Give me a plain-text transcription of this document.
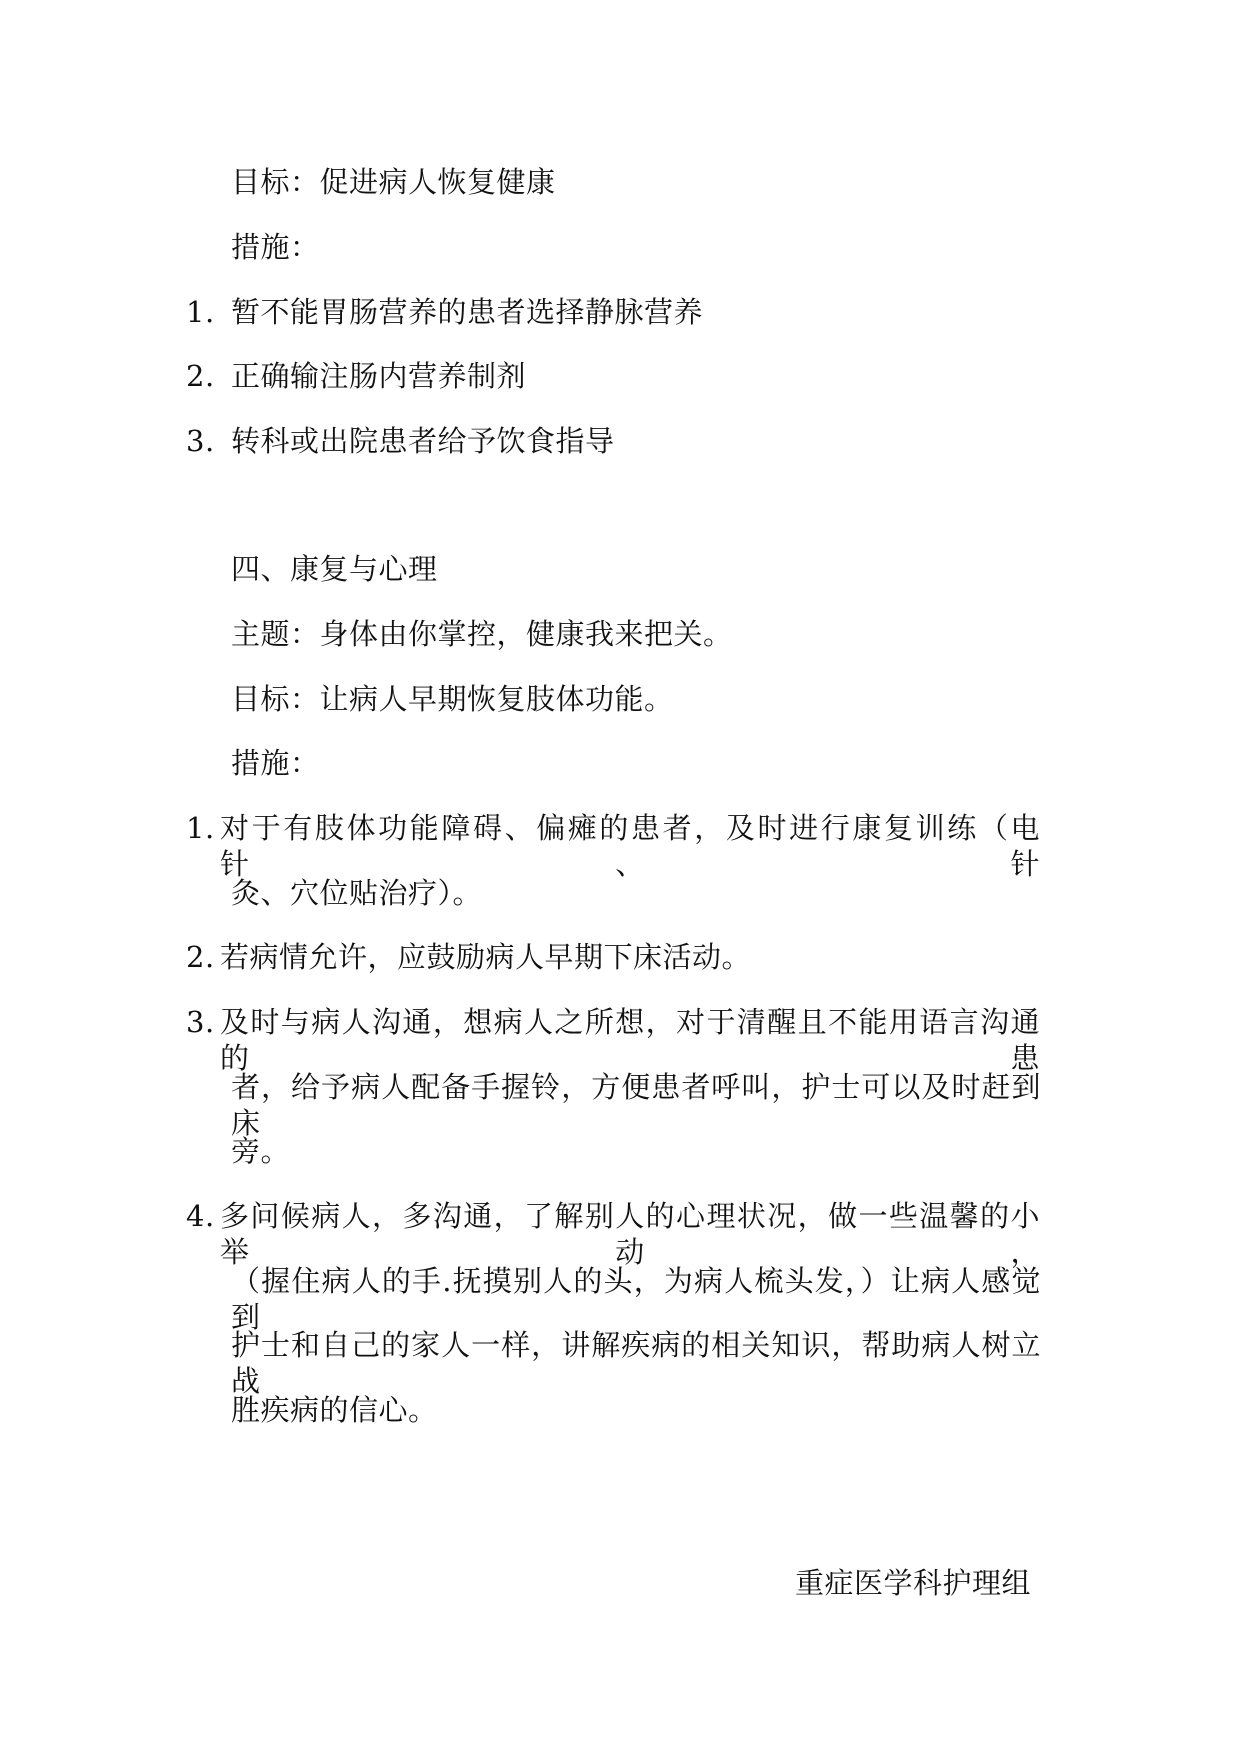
目标：促进病人恢复健康
措施：
1. 暂不能胃肠营养的患者选择静脉营养
2. 正确输注肠内营养制剂
3. 转科或出院患者给予饮食指导
四、康复与心理
主题：身体由你掌控，健康我来把关。
目标：让病人早期恢复肢体功能。
措施：
1. 对于有肢体功能障碍、偏瘫的患者，及时进行康复训练（电针、针
灸、穴位贴治疗）。
2. 若病情允许，应鼓励病人早期下床活动。
3. 及时与病人沟通，想病人之所想，对于清醒且不能用语言沟通的患
者，给予病人配备手握铃，方便患者呼叫，护士可以及时赶到床
旁。
4. 多问候病人，多沟通，了解别人的心理状况，做一些温馨的小举动，
（握住病人的手.抚摸别人的头，为病人梳头发，）让病人感觉到
护士和自己的家人一样，讲解疾病的相关知识，帮助病人树立战
胜疾病的信心。
重症医学科护理组
